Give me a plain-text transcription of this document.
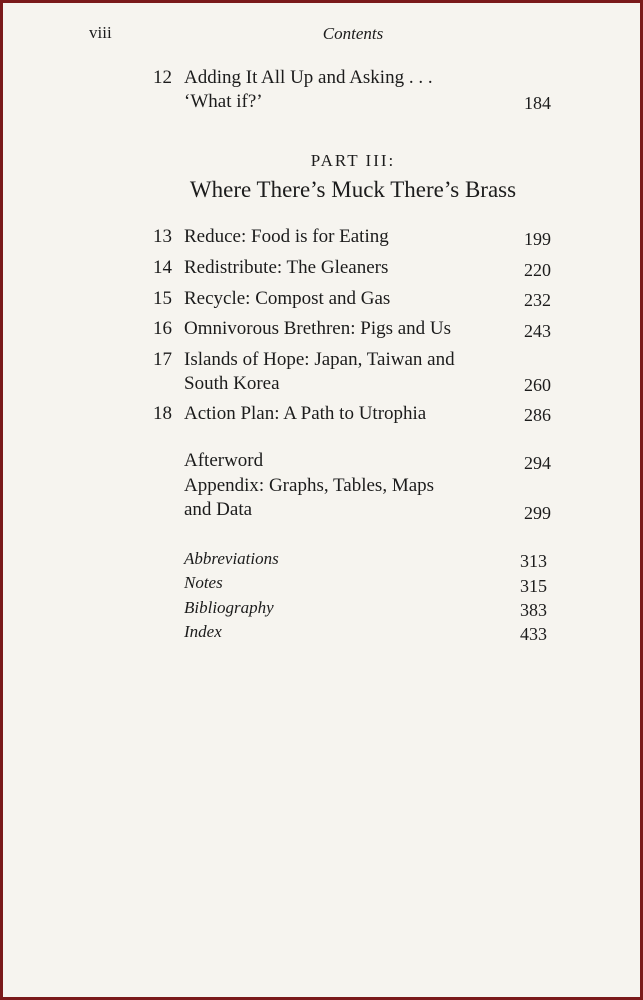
viii	Contents
12 Adding It All Up and Asking . . .
‘What if?’	184
PART III:
Where There’s Muck There’s Brass
13 Reduce: Food is for Eating	199
14 Redistribute: The Gleaners	220
15 Recycle: Compost and Gas	232
16 Omnivorous Brethren: Pigs and Us	243
17 Islands of Hope: Japan, Taiwan and
South Korea	260
18 Action Plan: A Path to Utrophia	286
Afterword	294
Appendix: Graphs, Tables, Maps
and Data	299
Abbreviations	313
Notes	315
Bibliography	383
Index	433
